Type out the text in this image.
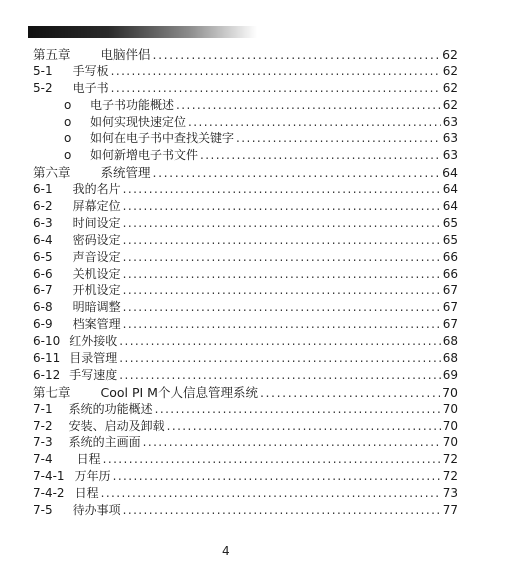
第五章 电脑伴侣 . . .	62
5-1 手写板 . . .	62
5-2 电子书 . . .	62
o	电子书功能概述 . . .	62
o	如何实现快速定位 . . .	63
o	如何在电子书中查找关键字 . . .	63
o	如何新增电子书文件 . . .	63
第六章 系统管理 . . .	64
6-1 我的名片 . . .	64
6-2 屏幕定位 . . .	64
6-3 时间设定 . . .	65
6-4 密码设定 . . .	65
6-5 声音设定 . . .	66
6-6 关机设定 . . .	66
6-7 开机设定 . . .	67
6-8 明暗调整 . . .	67
6-9 档案管理 . . .	67
6-10 红外接收 . . .	68
6-11 目录管理 . . .	68
6-12 手写速度 . . .	69
第七章 Cool PI M个人信息管理系统 . . .	70
7-1 系统的功能概述 . . .	70
7-2 安装、启动及卸载 . . .	70
7-3 系统的主画面 . . .	70
7-4 日程 . . .	72
7-4-1 万年历 . . .	72
7-4-2 日程 . . .	73
7-5 待办事项 . . .	77
4
